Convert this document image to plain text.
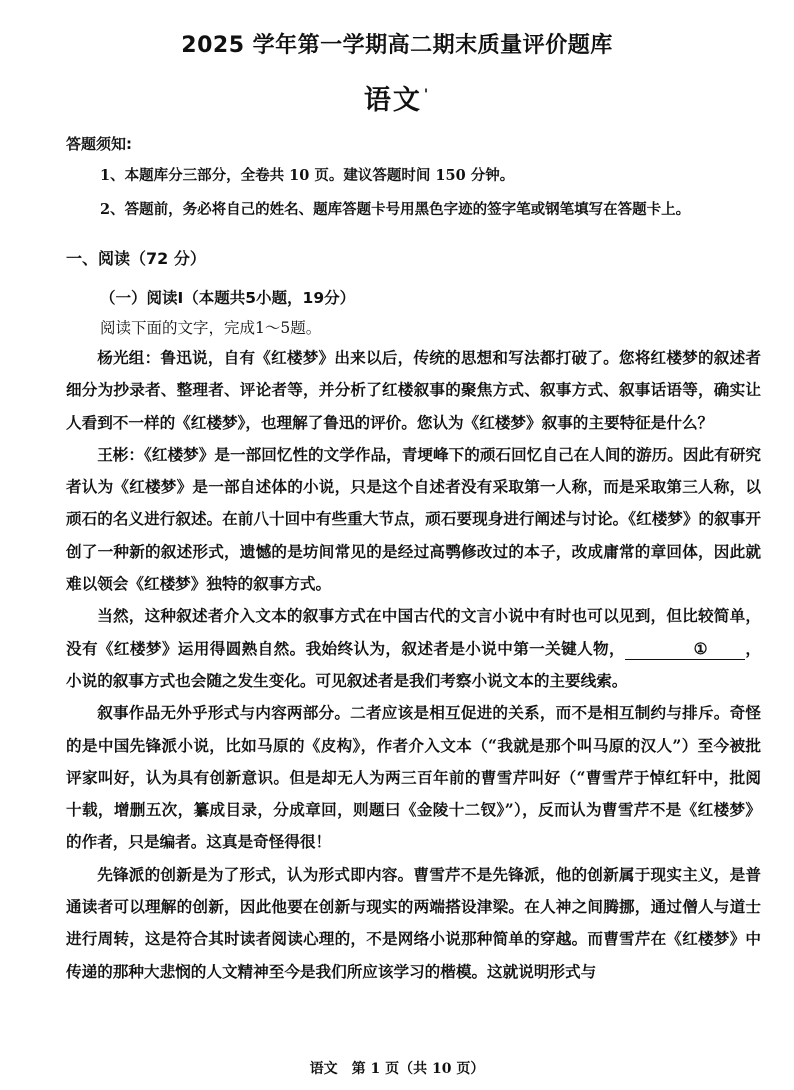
2025 学年第一学期高二期末质量评价题库
语文 '
答题须知:
1、本题库分三部分，全卷共 10 页。建议答题时间 150 分钟。
2、答题前，务必将自己的姓名、题库答题卡号用黑色字迹的签字笔或钢笔填写在答题卡上。
一、阅读（72 分）
（一）阅读I（本题共5小题，19分）
阅读下面的文字，完成1～5题。

杨光组：鲁迅说，自有《红楼梦》出来以后，传统的思想和写法都打破了。您将红楼梦的叙述者细分为抄录者、整理者、评论者等，并分析了红楼叙事的聚焦方式、叙事方式、叙事话语等，确实让人看到不一样的《红楼梦》，也理解了鲁迅的评价。您认为《红楼梦》叙事的主要特征是什么？

王彬：《红楼梦》是一部回忆性的文学作品，青埂峰下的顽石回忆自己在人间的游历。因此有研究者认为《红楼梦》是一部自述体的小说，只是这个自述者没有采取第一人称，而是采取第三人称，以顽石的名义进行叙述。在前八十回中有些重大节点，顽石要现身进行阐述与讨论。《红楼梦》的叙事开创了一种新的叙述形式，遗憾的是坊间常见的是经过高鹗修改过的本子，改成庸常的章回体，因此就难以领会《红楼梦》独特的叙事方式。

当然，这种叙述者介入文本的叙事方式在中国古代的文言小说中有时也可以见到，但比较简单，没有《红楼梦》运用得圆熟自然。我始终认为，叙述者是小说中第一关键人物，	① ，小说的叙事方式也会随之发生变化。可见叙述者是我们考察小说文本的主要线索。

叙事作品无外乎形式与内容两部分。二者应该是相互促进的关系，而不是相互制约与排斥。奇怪的是中国先锋派小说，比如马原的《皮构》，作者介入文本（“我就是那个叫马原的汉人”）至今被批评家叫好，认为具有创新意识。但是却无人为两三百年前的曹雪芹叫好（“曹雪芹于悼红轩中，批阅十载，增删五次，纂成目录，分成章回，则题曰《金陵十二钗》”），反而认为曹雪芹不是《红楼梦》的作者，只是编者。这真是奇怪得很！

先锋派的创新是为了形式，认为形式即内容。曹雪芹不是先锋派，他的创新属于现实主义，是普通读者可以理解的创新，因此他要在创新与现实的两端搭设津梁。在人神之间腾挪，通过僧人与道士进行周转，这是符合其时读者阅读心理的，不是网络小说那种简单的穿越。而曹雪芹在《红楼梦》中传递的那种大悲悯的人文精神至今是我们所应该学习的楷模。这就说明形式与

语文　第 1 页（共 10 页）
